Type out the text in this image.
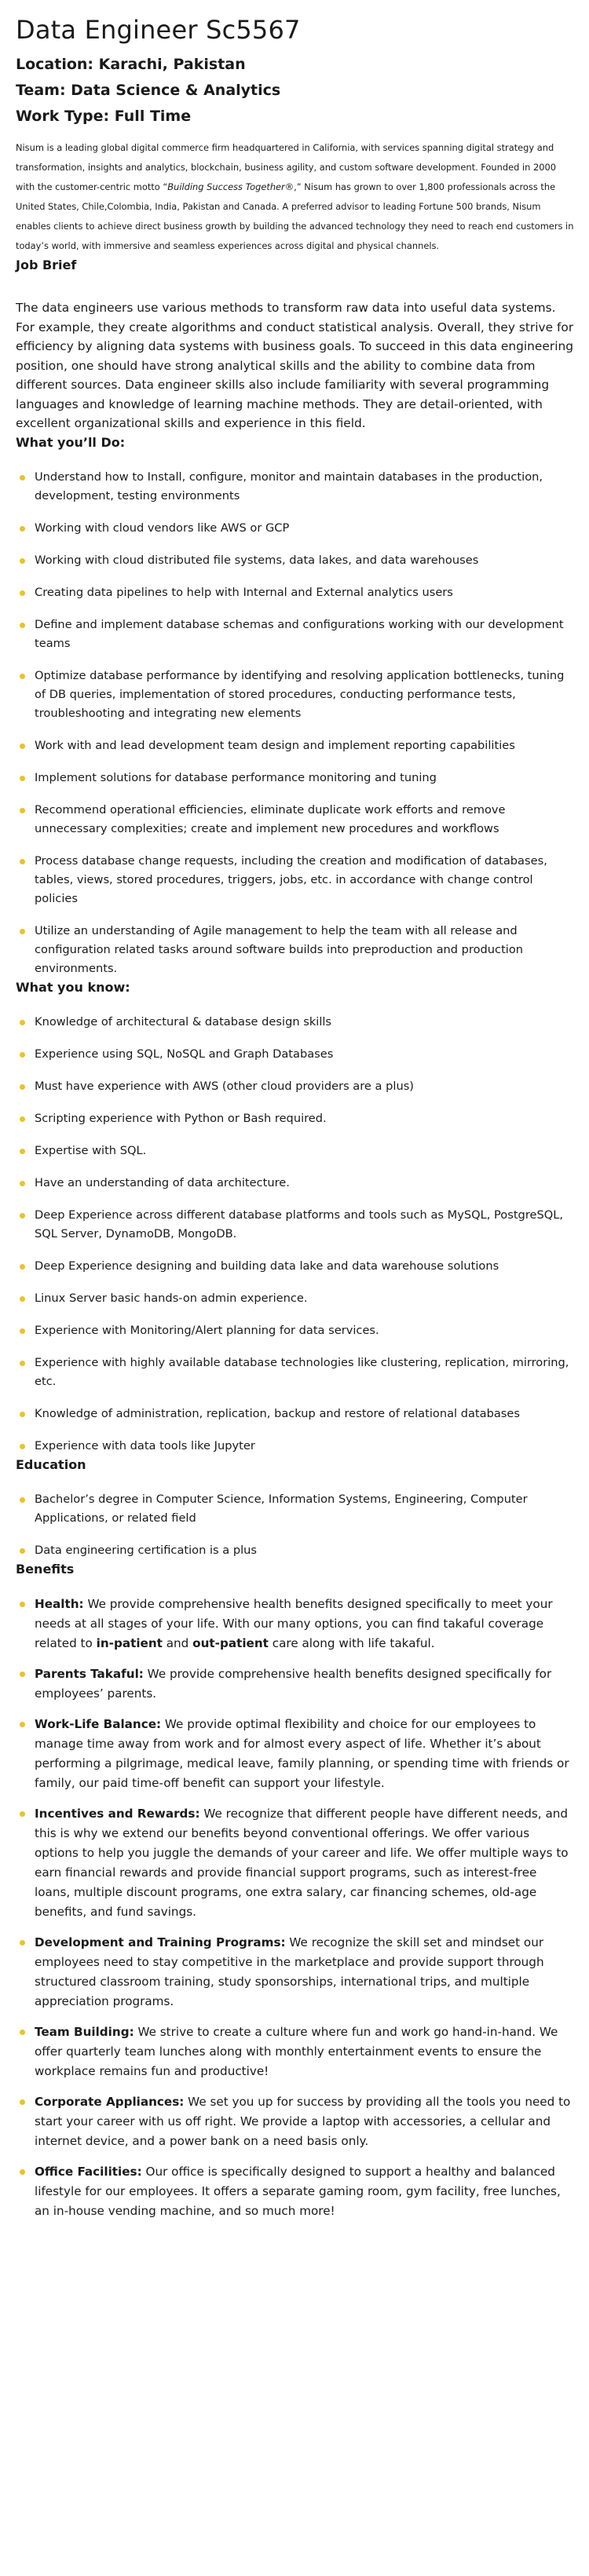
Data Engineer Sc5567
Location: Karachi, Pakistan
Team: Data Science & Analytics
Work Type: Full Time

Nisum is a leading global digital commerce firm headquartered in California, with services spanning digital strategy and transformation, insights and analytics, blockchain, business agility, and custom software development. Founded in 2000 with the customer-centric motto “Building Success Together®,” Nisum has grown to over 1,800 professionals across the United States, Chile,Colombia, India, Pakistan and Canada. A preferred advisor to leading Fortune 500 brands, Nisum enables clients to achieve direct business growth by building the advanced technology they need to reach end customers in today’s world, with immersive and seamless experiences across digital and physical channels.

Job Brief

The data engineers use various methods to transform raw data into useful data systems. For example, they create algorithms and conduct statistical analysis. Overall, they strive for efficiency by aligning data systems with business goals. To succeed in this data engineering position, one should have strong analytical skills and the ability to combine data from different sources. Data engineer skills also include familiarity with several programming languages and knowledge of learning machine methods. They are detail-oriented, with excellent organizational skills and experience in this field.

What you’ll Do:
Understand how to Install, configure, monitor and maintain databases in the production, development, testing environments
Working with cloud vendors like AWS or GCP
Working with cloud distributed file systems, data lakes, and data warehouses
Creating data pipelines to help with Internal and External analytics users
Define and implement database schemas and configurations working with our development teams
Optimize database performance by identifying and resolving application bottlenecks, tuning of DB queries, implementation of stored procedures, conducting performance tests, troubleshooting and integrating new elements
Work with and lead development team design and implement reporting capabilities
Implement solutions for database performance monitoring and tuning
Recommend operational efficiencies, eliminate duplicate work efforts and remove unnecessary complexities; create and implement new procedures and workflows
Process database change requests, including the creation and modification of databases, tables, views, stored procedures, triggers, jobs, etc. in accordance with change control policies
Utilize an understanding of Agile management to help the team with all release and configuration related tasks around software builds into preproduction and production environments.
What you know:
Knowledge of architectural & database design skills
Experience using SQL, NoSQL and Graph Databases
Must have experience with AWS (other cloud providers are a plus)
Scripting experience with Python or Bash required.
Expertise with SQL.
Have an understanding of data architecture.
Deep Experience across different database platforms and tools such as MySQL, PostgreSQL, SQL Server, DynamoDB, MongoDB.
Deep Experience designing and building data lake and data warehouse solutions
Linux Server basic hands-on admin experience.
Experience with Monitoring/Alert planning for data services.
Experience with highly available database technologies like clustering, replication, mirroring, etc.
Knowledge of administration, replication, backup and restore of relational databases
Experience with data tools like Jupyter
Education
Bachelor’s degree in Computer Science, Information Systems, Engineering, Computer Applications, or related field
Data engineering certification is a plus
Benefits
Health: We provide comprehensive health benefits designed specifically to meet your needs at all stages of your life. With our many options, you can find takaful coverage related to in-patient and out-patient care along with life takaful.
Parents Takaful: We provide comprehensive health benefits designed specifically for employees’ parents.
Work-Life Balance: We provide optimal flexibility and choice for our employees to manage time away from work and for almost every aspect of life. Whether it’s about performing a pilgrimage, medical leave, family planning, or spending time with friends or family, our paid time-off benefit can support your lifestyle.
Incentives and Rewards: We recognize that different people have different needs, and this is why we extend our benefits beyond conventional offerings. We offer various options to help you juggle the demands of your career and life. We offer multiple ways to earn financial rewards and provide financial support programs, such as interest-free loans, multiple discount programs, one extra salary, car financing schemes, old-age benefits, and fund savings.
Development and Training Programs: We recognize the skill set and mindset our employees need to stay competitive in the marketplace and provide support through structured classroom training, study sponsorships, international trips, and multiple appreciation programs.
Team Building: We strive to create a culture where fun and work go hand-in-hand. We offer quarterly team lunches along with monthly entertainment events to ensure the workplace remains fun and productive!
Corporate Appliances: We set you up for success by providing all the tools you need to start your career with us off right. We provide a laptop with accessories, a cellular and internet device, and a power bank on a need basis only.
Office Facilities: Our office is specifically designed to support a healthy and balanced lifestyle for our employees. It offers a separate gaming room, gym facility, free lunches, an in-house vending machine, and so much more!
